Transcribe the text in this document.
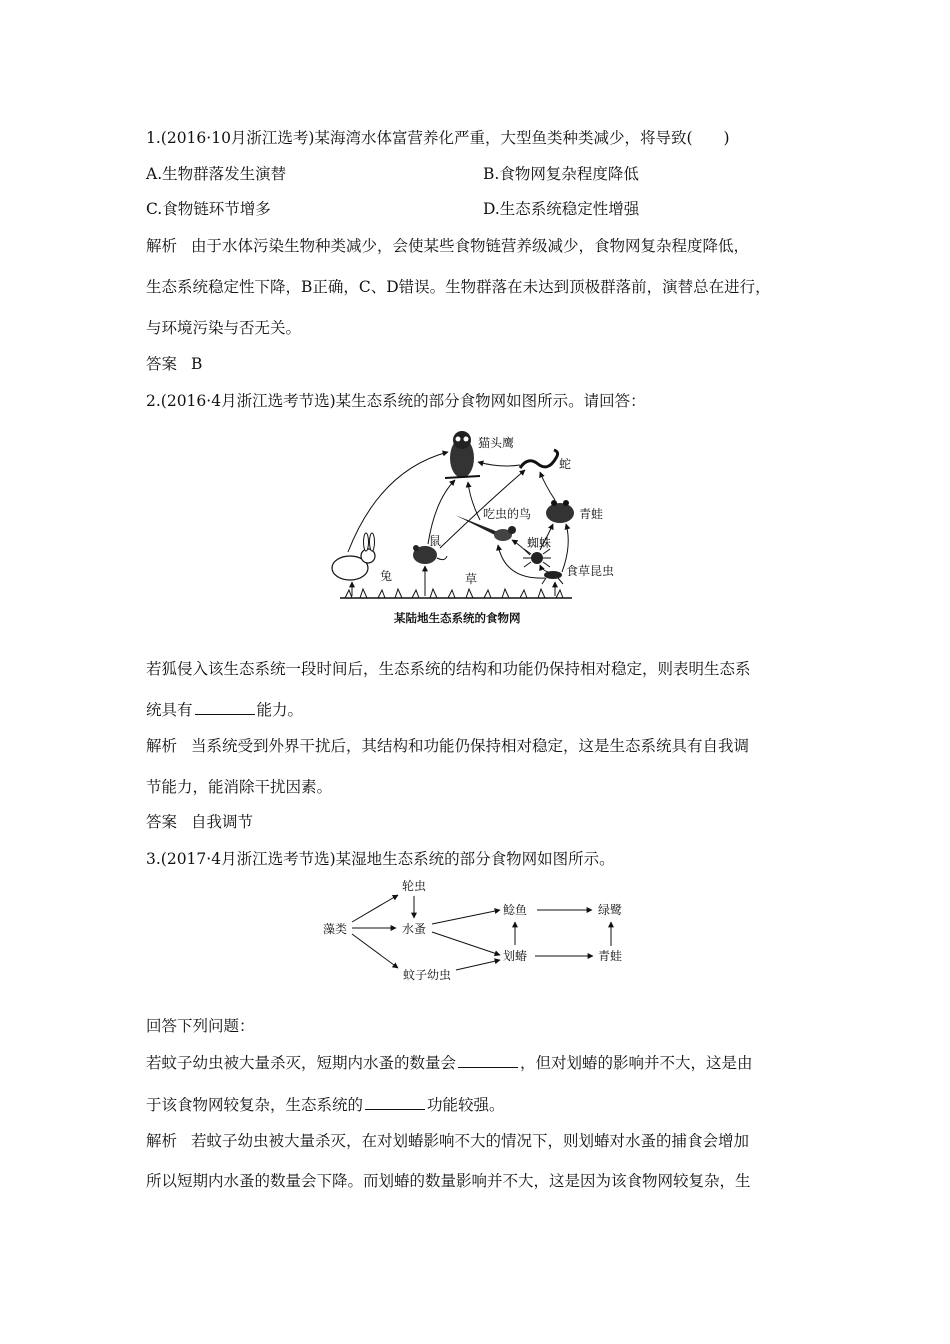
1.(2016·10月浙江选考)某海湾水体富营养化严重，大型鱼类种类减少，将导致(　　)
A.生物群落发生演替	B.食物网复杂程度降低
C.食物链环节增多	D.生态系统稳定性增强
解析 由于水体污染生物种类减少，会使某些食物链营养级减少，食物网复杂程度降低，
生态系统稳定性下降，B正确，C、D错误。生物群落在未达到顶极群落前，演替总在进行，
与环境污染与否无关。
答案 B
2.(2016·4月浙江选考节选)某生态系统的部分食物网如图所示。请回答：
猫头鹰
蛇
吃虫的鸟	青蛙
鼠	蜘蛛
兔	草
食草昆虫
某陆地生态系统的食物网
若狐侵入该生态系统一段时间后，生态系统的结构和功能仍保持相对稳定，则表明生态系
统具有	能力。
解析 当系统受到外界干扰后，其结构和功能仍保持相对稳定，这是生态系统具有自我调
节能力，能消除干扰因素。
答案 自我调节
3.(2017·4月浙江选考节选)某湿地生态系统的部分食物网如图所示。
轮虫
藻类	水蚤
鲶鱼	绿鹭
划蝽	青蛙
蚊子幼虫
回答下列问题：
若蚊子幼虫被大量杀灭，短期内水蚤的数量会	，但对划蝽的影响并不大，这是由
于该食物网较复杂，生态系统的	功能较强。
解析 若蚊子幼虫被大量杀灭，在对划蝽影响不大的情况下，则划蝽对水蚤的捕食会增加
所以短期内水蚤的数量会下降。而划蝽的数量影响并不大，这是因为该食物网较复杂，生
